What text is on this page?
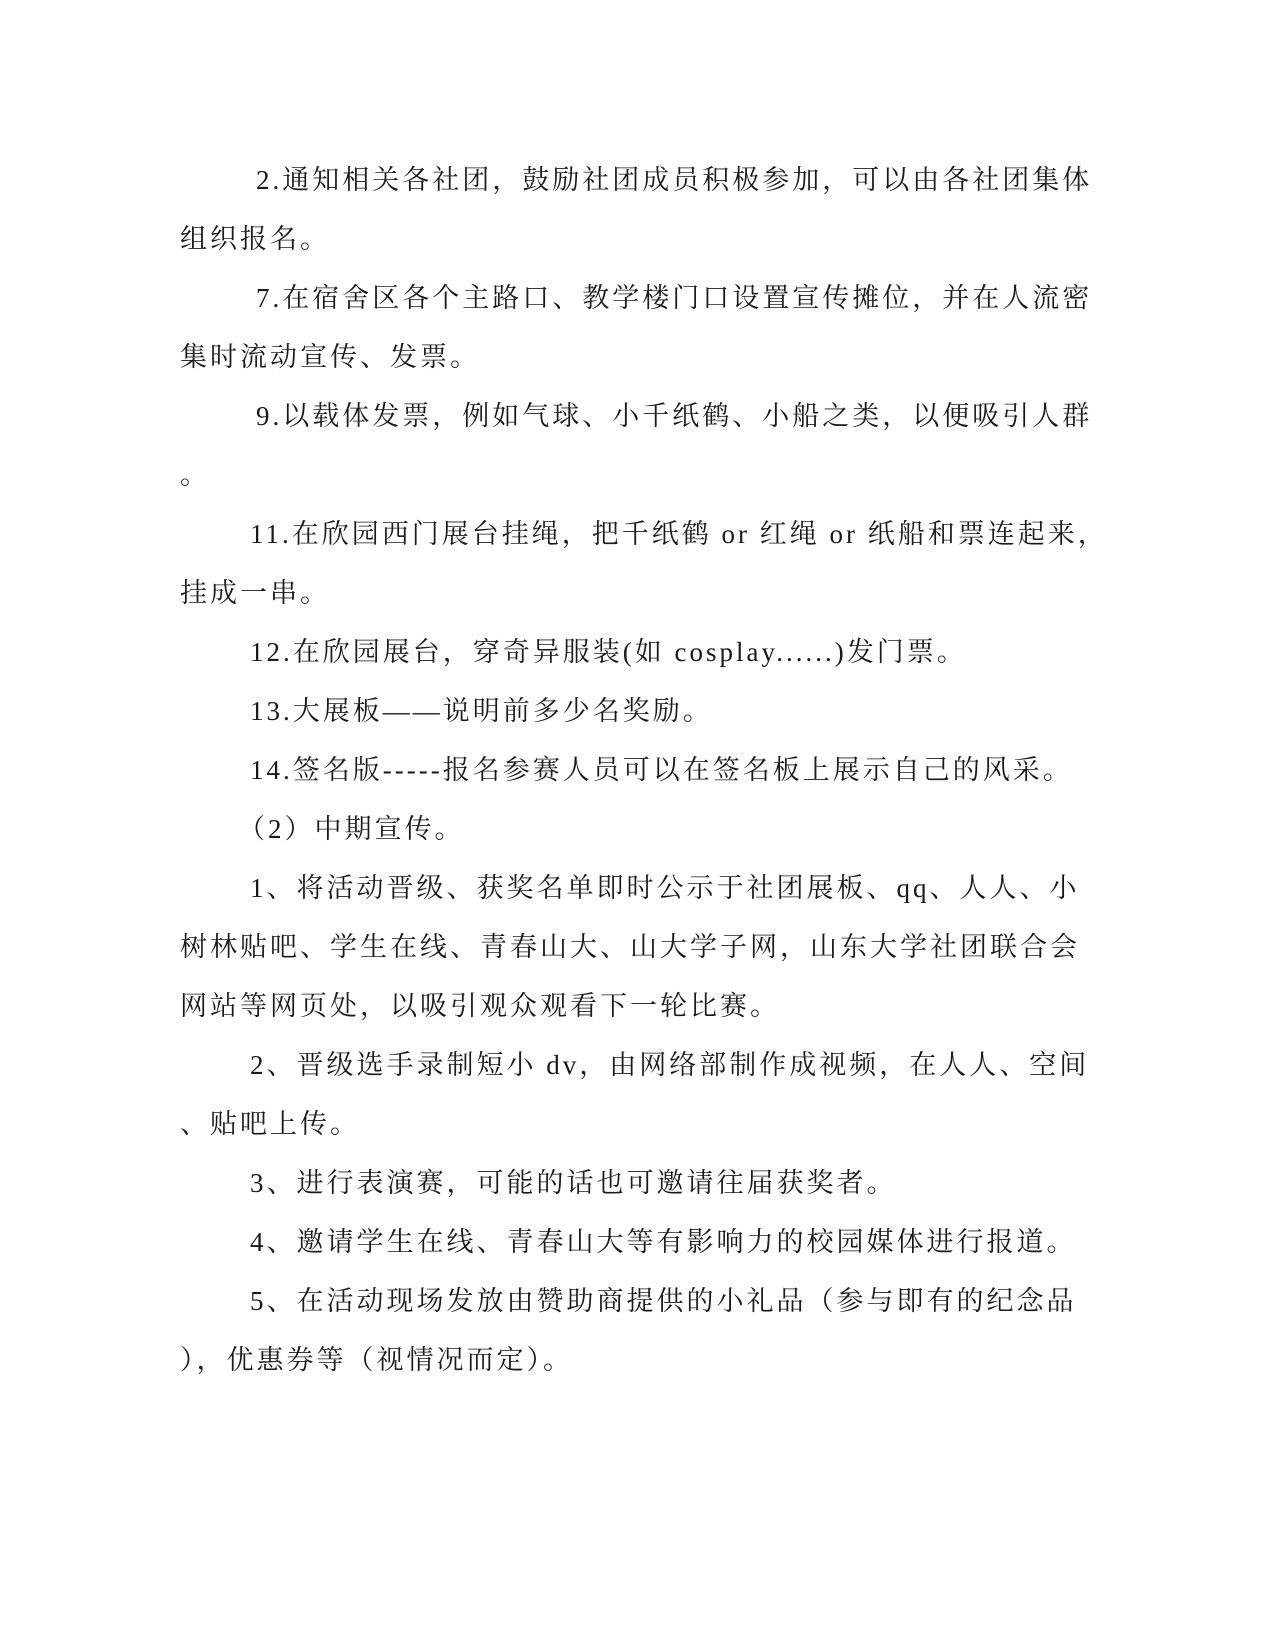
2.通知相关各社团，鼓励社团成员积极参加，可以由各社团集体
组织报名。
7.在宿舍区各个主路口、教学楼门口设置宣传摊位，并在人流密
集时流动宣传、发票。
9.以载体发票，例如气球、小千纸鹤、小船之类，以便吸引人群
。
11.在欣园西门展台挂绳，把千纸鹤 or 红绳 or 纸船和票连起来，
挂成一串。
12.在欣园展台，穿奇异服装(如 cosplay......)发门票。
13.大展板——说明前多少名奖励。
14.签名版-----报名参赛人员可以在签名板上展示自己的风采。
（2）中期宣传。
1、将活动晋级、获奖名单即时公示于社团展板、qq、人人、小
树林贴吧、学生在线、青春山大、山大学子网，山东大学社团联合会
网站等网页处，以吸引观众观看下一轮比赛。
2、晋级选手录制短小 dv，由网络部制作成视频，在人人、空间
、贴吧上传。
3、进行表演赛，可能的话也可邀请往届获奖者。
4、邀请学生在线、青春山大等有影响力的校园媒体进行报道。
5、在活动现场发放由赞助商提供的小礼品（参与即有的纪念品
），优惠券等（视情况而定）。
